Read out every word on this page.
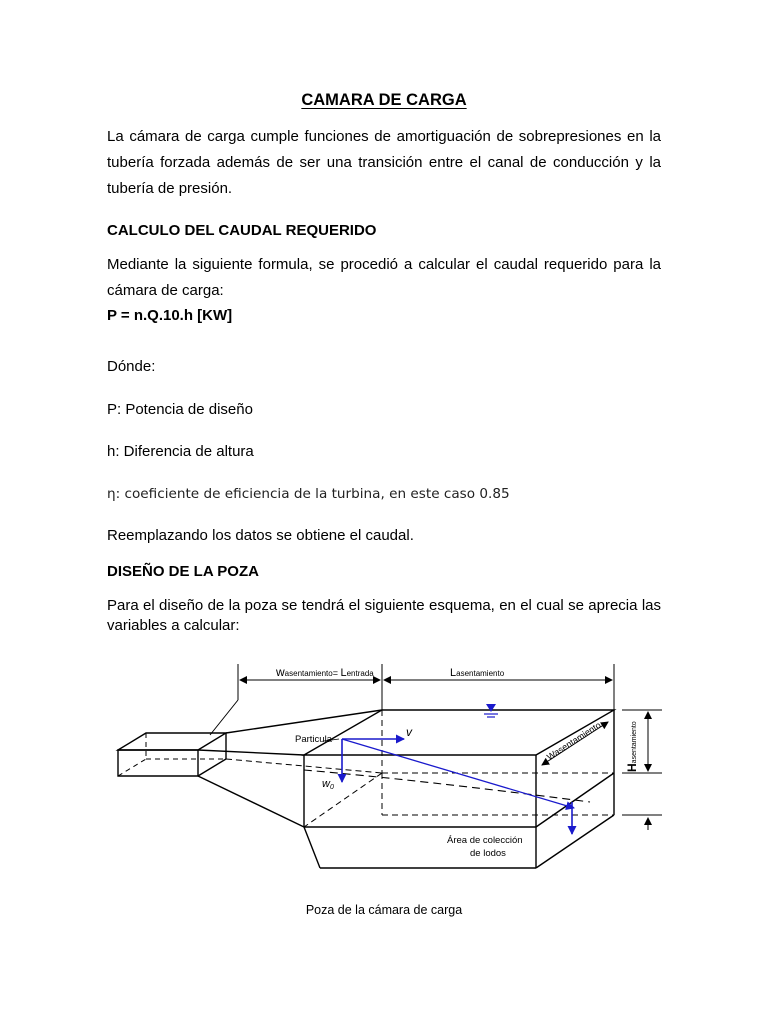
CAMARA DE CARGA
La cámara de carga cumple funciones de amortiguación de sobrepresiones en la
tubería forzada además de ser una transición entre el canal de conducción y la
tubería de presión.
CALCULO DEL CAUDAL REQUERIDO
Mediante la siguiente formula, se procedió a calcular el caudal requerido para la
cámara de carga:
P = n.Q.10.h [KW]
Dónde:
P: Potencia de diseño
h: Diferencia de altura
η: coeficiente de eficiencia de la turbina, en este caso 0.85
Reemplazando los datos se obtiene el caudal.
DISEÑO DE LA POZA
Para el diseño de la poza se tendrá el siguiente esquema, en el cual se aprecia las
variables a calcular:
wasentamiento= Lentrada	Lasentamiento
Hasentamiento
Wasentamiento
Particula
v
w0
Área de colección
de lodos
Poza de la cámara de carga
